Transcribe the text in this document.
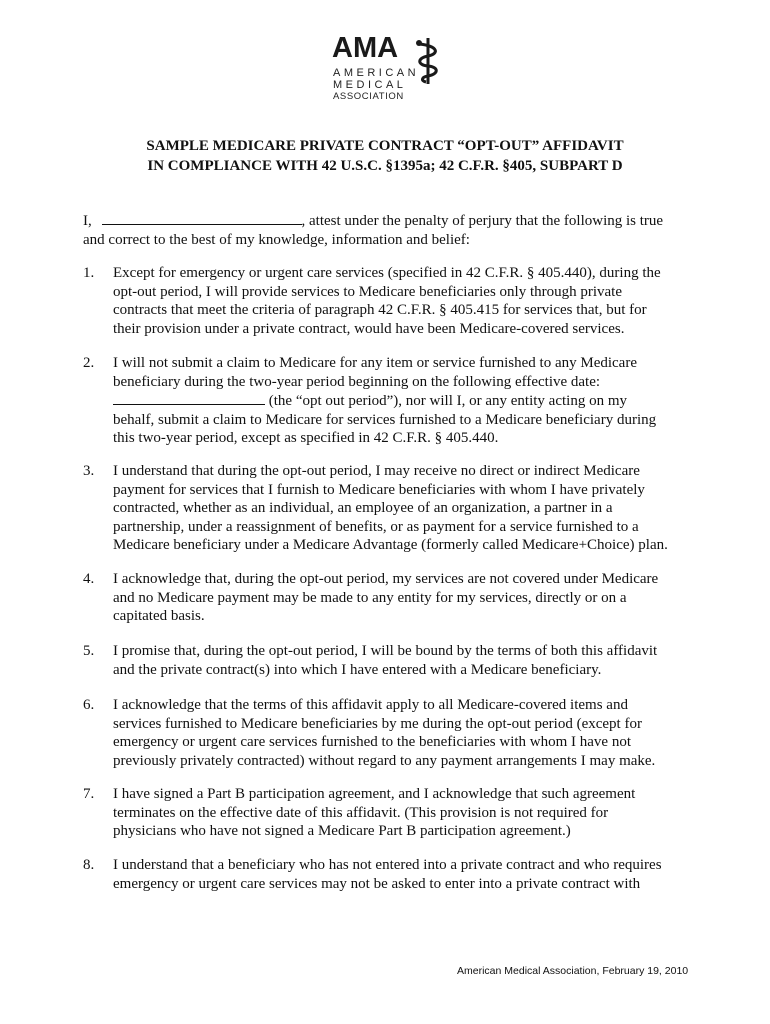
AMA
AMERICAN
MEDICAL
ASSOCIATION
SAMPLE MEDICARE PRIVATE CONTRACT “OPT-OUT” AFFIDAVIT
IN COMPLIANCE WITH 42 U.S.C. §1395a; 42 C.F.R. §405, SUBPART D
I,	, attest under the penalty of perjury that the following is true
and correct to the best of my knowledge, information and belief:
1.	Except for emergency or urgent care services (specified in 42 C.F.R. § 405.440), during the
opt-out period, I will provide services to Medicare beneficiaries only through private
contracts that meet the criteria of paragraph 42 C.F.R. § 405.415 for services that, but for
their provision under a private contract, would have been Medicare-covered services.
2.	I will not submit a claim to Medicare for any item or service furnished to any Medicare
beneficiary during the two-year period beginning on the following effective date:
(the “opt out period”), nor will I, or any entity acting on my
behalf, submit a claim to Medicare for services furnished to a Medicare beneficiary during
this two-year period, except as specified in 42 C.F.R. § 405.440.
3.	I understand that during the opt-out period, I may receive no direct or indirect Medicare
payment for services that I furnish to Medicare beneficiaries with whom I have privately
contracted, whether as an individual, an employee of an organization, a partner in a
partnership, under a reassignment of benefits, or as payment for a service furnished to a
Medicare beneficiary under a Medicare Advantage (formerly called Medicare+Choice) plan.
4.	I acknowledge that, during the opt-out period, my services are not covered under Medicare
and no Medicare payment may be made to any entity for my services, directly or on a
capitated basis.
5.	I promise that, during the opt-out period, I will be bound by the terms of both this affidavit
and the private contract(s) into which I have entered with a Medicare beneficiary.
6.	I acknowledge that the terms of this affidavit apply to all Medicare-covered items and
services furnished to Medicare beneficiaries by me during the opt-out period (except for
emergency or urgent care services furnished to the beneficiaries with whom I have not
previously privately contracted) without regard to any payment arrangements I may make.
7.	I have signed a Part B participation agreement, and I acknowledge that such agreement
terminates on the effective date of this affidavit. (This provision is not required for
physicians who have not signed a Medicare Part B participation agreement.)
8.	I understand that a beneficiary who has not entered into a private contract and who requires
emergency or urgent care services may not be asked to enter into a private contract with
American Medical Association, February 19, 2010
